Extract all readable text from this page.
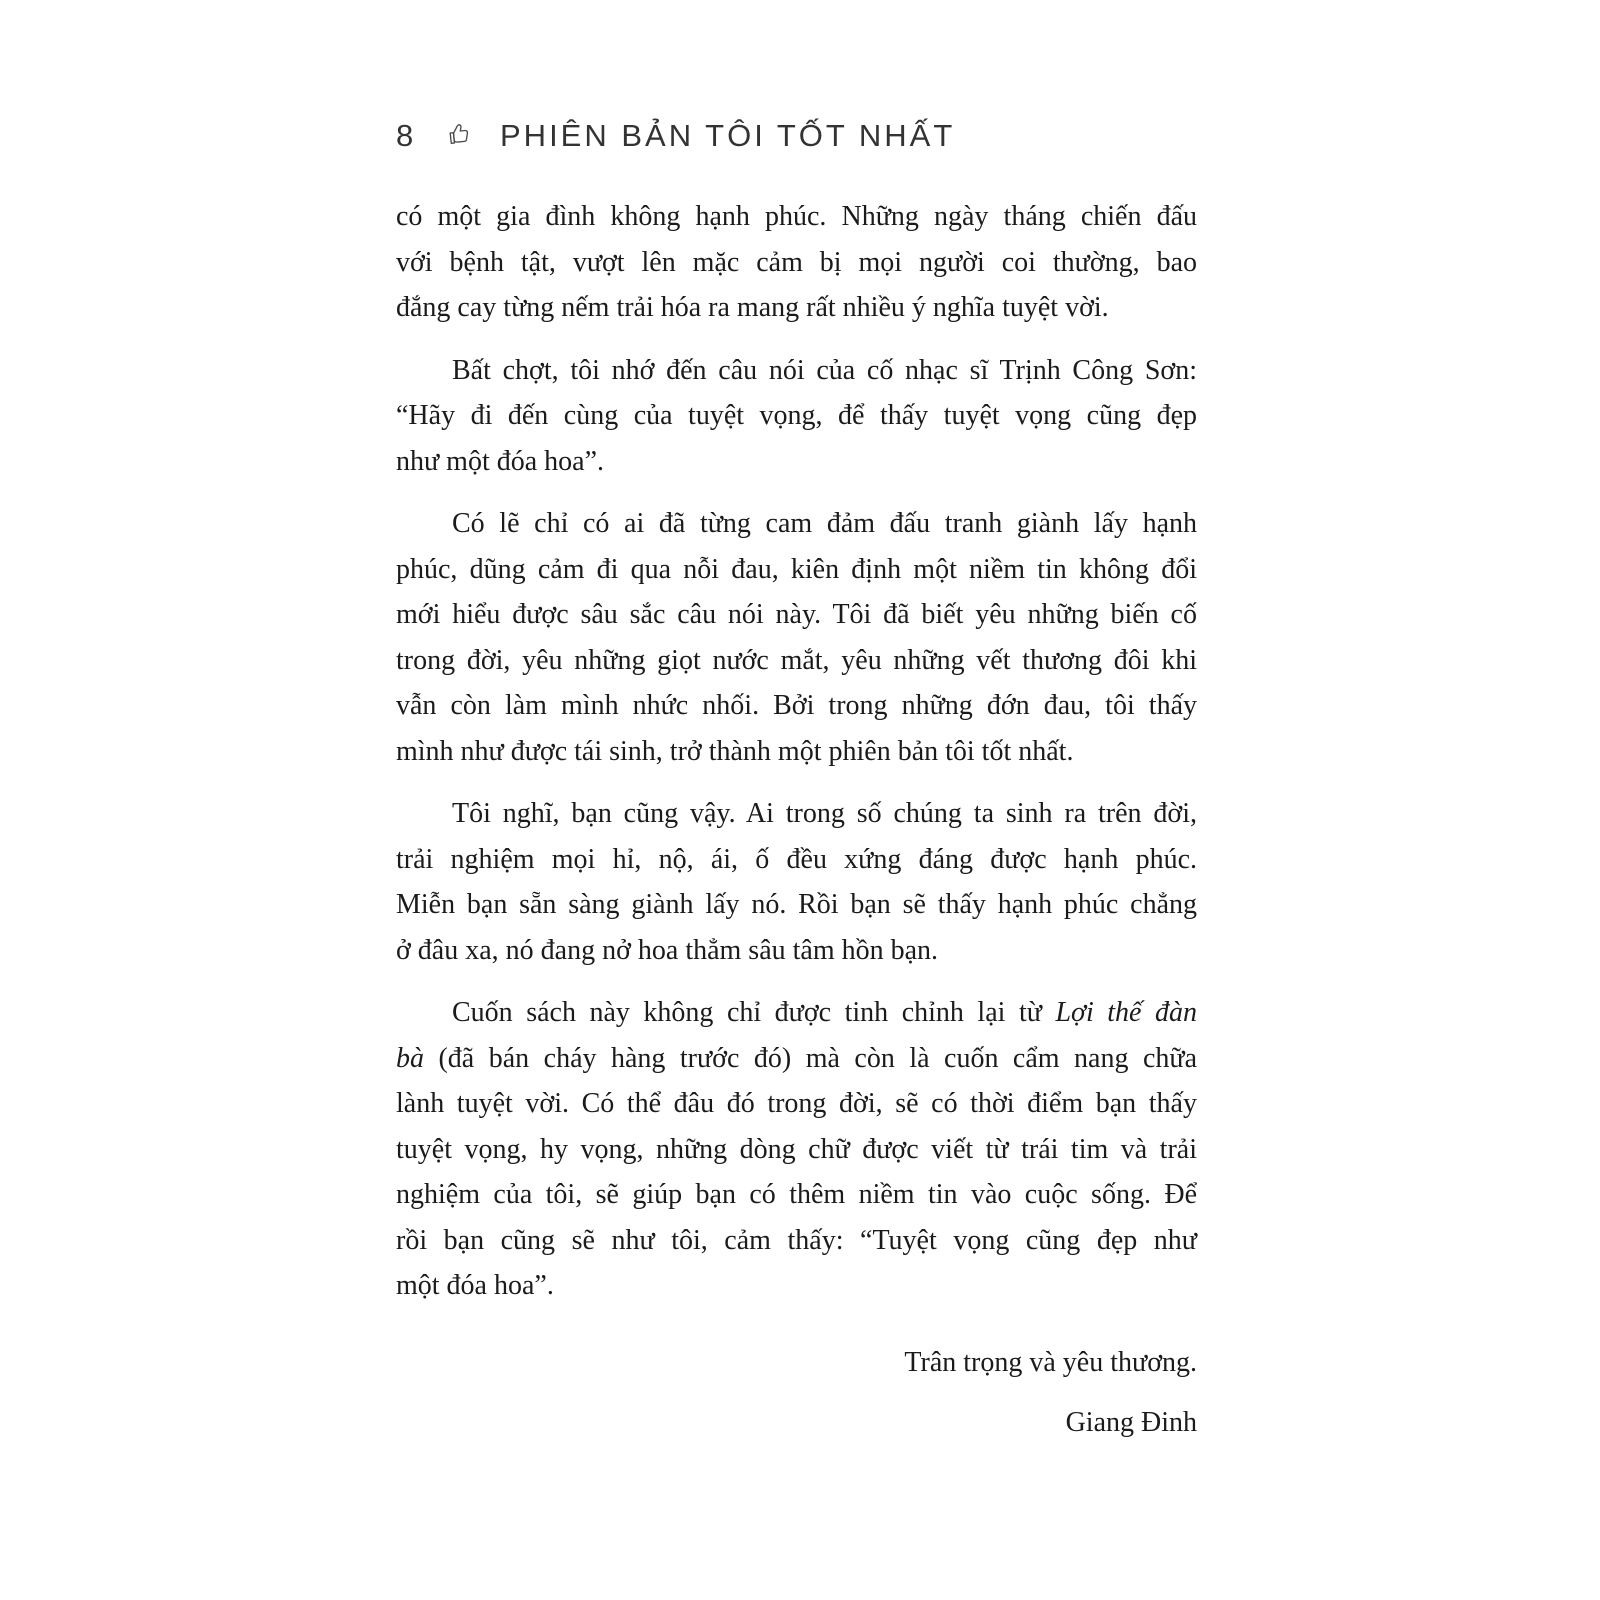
8	PHIÊN BẢN TÔI TỐT NHẤT

có một gia đình không hạnh phúc. Những ngày tháng chiến đấu
với bệnh tật, vượt lên mặc cảm bị mọi người coi thường, bao
đắng cay từng nếm trải hóa ra mang rất nhiều ý nghĩa tuyệt vời.

Bất chợt, tôi nhớ đến câu nói của cố nhạc sĩ Trịnh Công Sơn:
“Hãy đi đến cùng của tuyệt vọng, để thấy tuyệt vọng cũng đẹp
như một đóa hoa”.

Có lẽ chỉ có ai đã từng cam đảm đấu tranh giành lấy hạnh
phúc, dũng cảm đi qua nỗi đau, kiên định một niềm tin không đổi
mới hiểu được sâu sắc câu nói này. Tôi đã biết yêu những biến cố
trong đời, yêu những giọt nước mắt, yêu những vết thương đôi khi
vẫn còn làm mình nhức nhối. Bởi trong những đớn đau, tôi thấy
mình như được tái sinh, trở thành một phiên bản tôi tốt nhất.

Tôi nghĩ, bạn cũng vậy. Ai trong số chúng ta sinh ra trên đời,
trải nghiệm mọi hỉ, nộ, ái, ố đều xứng đáng được hạnh phúc.
Miễn bạn sẵn sàng giành lấy nó. Rồi bạn sẽ thấy hạnh phúc chẳng
ở đâu xa, nó đang nở hoa thẳm sâu tâm hồn bạn.

Cuốn sách này không chỉ được tinh chỉnh lại từ Lợi thế đàn
bà (đã bán cháy hàng trước đó) mà còn là cuốn cẩm nang chữa
lành tuyệt vời. Có thể đâu đó trong đời, sẽ có thời điểm bạn thấy
tuyệt vọng, hy vọng, những dòng chữ được viết từ trái tim và trải
nghiệm của tôi, sẽ giúp bạn có thêm niềm tin vào cuộc sống. Để
rồi bạn cũng sẽ như tôi, cảm thấy: “Tuyệt vọng cũng đẹp như
một đóa hoa”.

Trân trọng và yêu thương.
Giang Đinh
